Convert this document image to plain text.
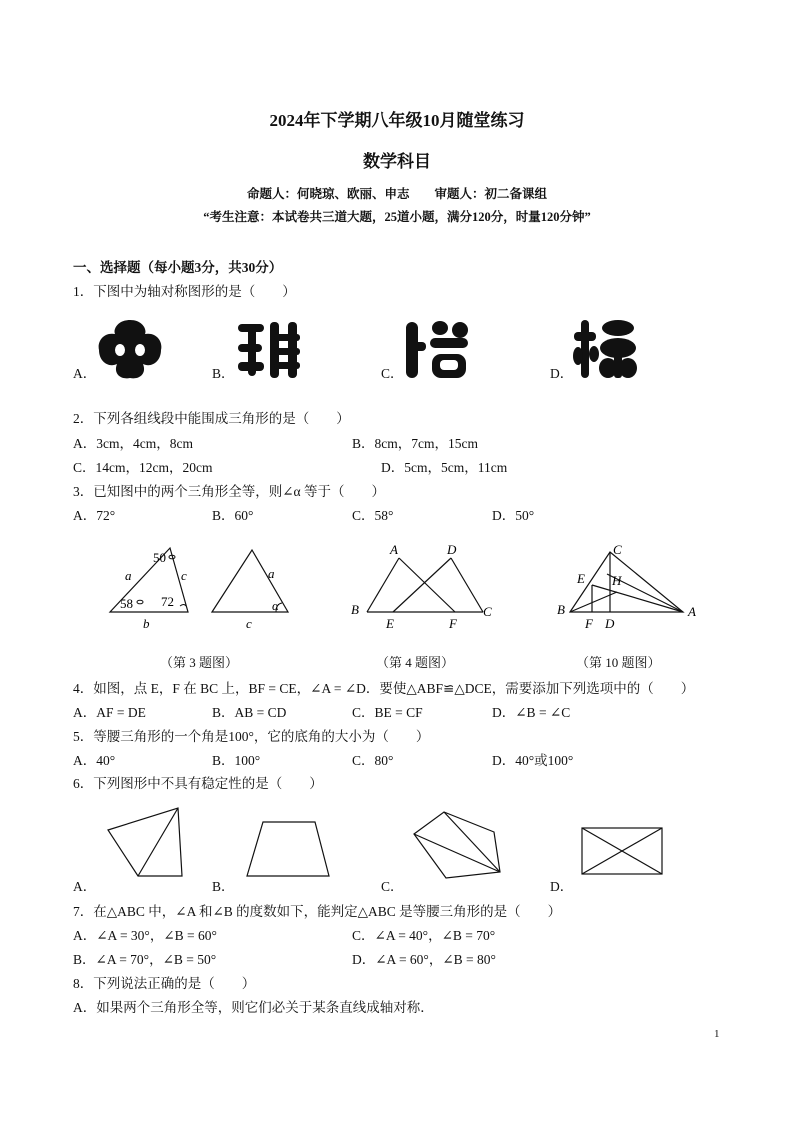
2024年下学期八年级10月随堂练习
数学科目
命题人：何晓琼、欧丽、申志　　审题人：初二备课组
“考生注意：本试卷共三道大题，25道小题，满分120分，时量120分钟”
一、选择题（每小题3分，共30分）
1．下图中为轴对称图形的是（　　）
A．	B．	C．	D．
2．下列各组线段中能围成三角形的是（　　）
A．3cm，4cm，8cm	B．8cm，7cm，15cm
C．14cm，12cm，20cm	D．5cm，5cm，11cm
3．已知图中的两个三角形全等，则∠α 等于（　　）
A．72°	B．60°	C．58°	D．50°
50
58 72
a
b
c	a
c
α
（第 3 题图）
A	D
B
E	F
C
（第 4 题图）
C
E H
B
F D
A
（第 10 题图）
4．如图，点 E，F 在 BC 上，BF = CE，∠A = ∠D．要使△ABF≌△DCE，需要添加下列选项中的（　　）
A．AF = DE	B．AB = CD	C．BE = CF	D．∠B = ∠C
5．等腰三角形的一个角是100°，它的底角的大小为（　　）
A．40°	B．100°	C．80°	D．40°或100°
6．下列图形中不具有稳定性的是（　　）
A．	B．	C．	D．
7．在△ABC 中，∠A 和∠B 的度数如下，能判定△ABC 是等腰三角形的是（　　）
A．∠A = 30°，∠B = 60°
B．∠A = 70°，∠B = 50°
C．∠A = 40°，∠B = 70°
D．∠A = 60°，∠B = 80°
8．下列说法正确的是（　　）
A．如果两个三角形全等，则它们必关于某条直线成轴对称．
1
